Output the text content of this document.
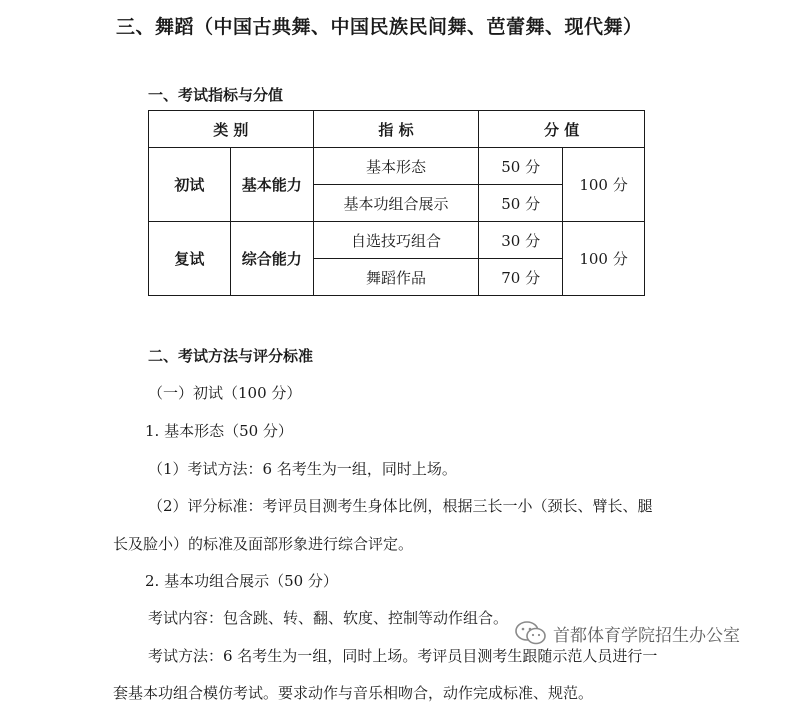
三、舞蹈（中国古典舞、中国民族民间舞、芭蕾舞、现代舞）
一、考试指标与分值
类 别		指 标	分 值	
初试	基本能力	基本形态	50 分	100 分
		基本功组合展示	50 分	
复试	综合能力	自选技巧组合	30 分	100 分
		舞蹈作品	70 分	
二、考试方法与评分标准
（一）初试（100 分）
1. 基本形态（50 分）
（1）考试方法：6 名考生为一组，同时上场。
（2）评分标准：考评员目测考生身体比例，根据三长一小（颈长、臂长、腿
长及脸小）的标准及面部形象进行综合评定。
2. 基本功组合展示（50 分）
考试内容：包含跳、转、翻、软度、控制等动作组合。
考试方法：6 名考生为一组，同时上场。考评员目测考生跟随示范人员进行一
套基本功组合模仿考试。要求动作与音乐相吻合，动作完成标准、规范。
首都体育学院招生办公室
